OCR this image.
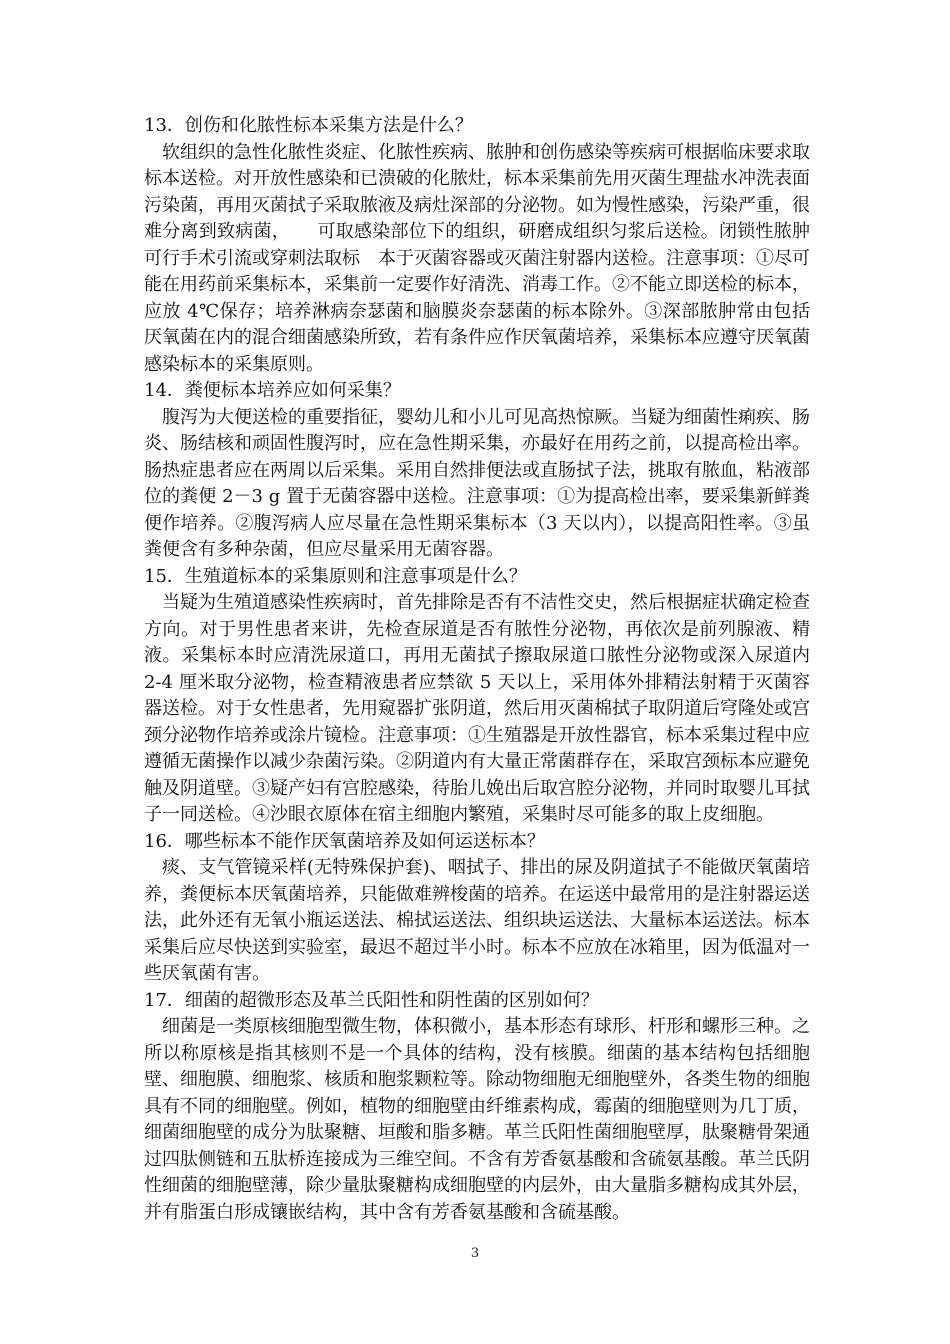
13．创伤和化脓性标本采集方法是什么？

软组织的急性化脓性炎症、化脓性疾病、脓肿和创伤感染等疾病可根据临床要求取标本送检。对开放性感染和已溃破的化脓灶，标本采集前先用灭菌生理盐水冲洗表面污染菌，再用灭菌拭子采取脓液及病灶深部的分泌物。如为慢性感染，污染严重，很难分离到致病菌，　　可取感染部位下的组织，研磨成组织匀浆后送检。闭锁性脓肿可行手术引流或穿刺法取标　本于灭菌容器或灭菌注射器内送检。注意事项：①尽可能在用药前采集标本，采集前一定要作好清洗、消毒工作。②不能立即送检的标本，应放 4℃保存；培养淋病奈瑟菌和脑膜炎奈瑟菌的标本除外。③深部脓肿常由包括厌氧菌在内的混合细菌感染所致，若有条件应作厌氧菌培养，采集标本应遵守厌氧菌感染标本的采集原则。

14．粪便标本培养应如何采集？

腹泻为大便送检的重要指征，婴幼儿和小儿可见高热惊厥。当疑为细菌性痢疾、肠炎、肠结核和顽固性腹泻时，应在急性期采集，亦最好在用药之前，以提高检出率。肠热症患者应在两周以后采集。采用自然排便法或直肠拭子法，挑取有脓血，粘液部位的粪便 2－3 g 置于无菌容器中送检。注意事项：①为提高检出率，要采集新鲜粪便作培养。②腹泻病人应尽量在急性期采集标本（3 天以内），以提高阳性率。③虽粪便含有多种杂菌，但应尽量采用无菌容器。

15．生殖道标本的采集原则和注意事项是什么？

当疑为生殖道感染性疾病时，首先排除是否有不洁性交史，然后根据症状确定检查方向。对于男性患者来讲，先检查尿道是否有脓性分泌物，再依次是前列腺液、精液。采集标本时应清洗尿道口，再用无菌拭子擦取尿道口脓性分泌物或深入尿道内 2-4 厘米取分泌物，检查精液患者应禁欲 5 天以上，采用体外排精法射精于灭菌容器送检。对于女性患者，先用窥器扩张阴道，然后用灭菌棉拭子取阴道后穹隆处或宫颈分泌物作培养或涂片镜检。注意事项：①生殖器是开放性器官，标本采集过程中应遵循无菌操作以减少杂菌污染。②阴道内有大量正常菌群存在，采取宫颈标本应避免触及阴道壁。③疑产妇有宫腔感染，待胎儿娩出后取宫腔分泌物，并同时取婴儿耳拭子一同送检。④沙眼衣原体在宿主细胞内繁殖，采集时尽可能多的取上皮细胞。

16．哪些标本不能作厌氧菌培养及如何运送标本？

痰、支气管镜采样(无特殊保护套)、咽拭子、排出的尿及阴道拭子不能做厌氧菌培养，粪便标本厌氧菌培养，只能做难辨梭菌的培养。在运送中最常用的是注射器运送法，此外还有无氧小瓶运送法、棉拭运送法、组织块运送法、大量标本运送法。标本采集后应尽快送到实验室，最迟不超过半小时。标本不应放在冰箱里，因为低温对一些厌氧菌有害。

17．细菌的超微形态及革兰氏阳性和阴性菌的区别如何？

细菌是一类原核细胞型微生物，体积微小，基本形态有球形、杆形和螺形三种。之所以称原核是指其核则不是一个具体的结构，没有核膜。细菌的基本结构包括细胞壁、细胞膜、细胞浆、核质和胞浆颗粒等。除动物细胞无细胞壁外，各类生物的细胞具有不同的细胞壁。例如，植物的细胞壁由纤维素构成，霉菌的细胞壁则为几丁质，细菌细胞壁的成分为肽聚糖、垣酸和脂多糖。革兰氏阳性菌细胞壁厚，肽聚糖骨架通过四肽侧链和五肽桥连接成为三维空间。不含有芳香氨基酸和含硫氨基酸。革兰氏阴性细菌的细胞壁薄，除少量肽聚糖构成细胞壁的内层外，由大量脂多糖构成其外层，并有脂蛋白形成镶嵌结构，其中含有芳香氨基酸和含硫基酸。

3
